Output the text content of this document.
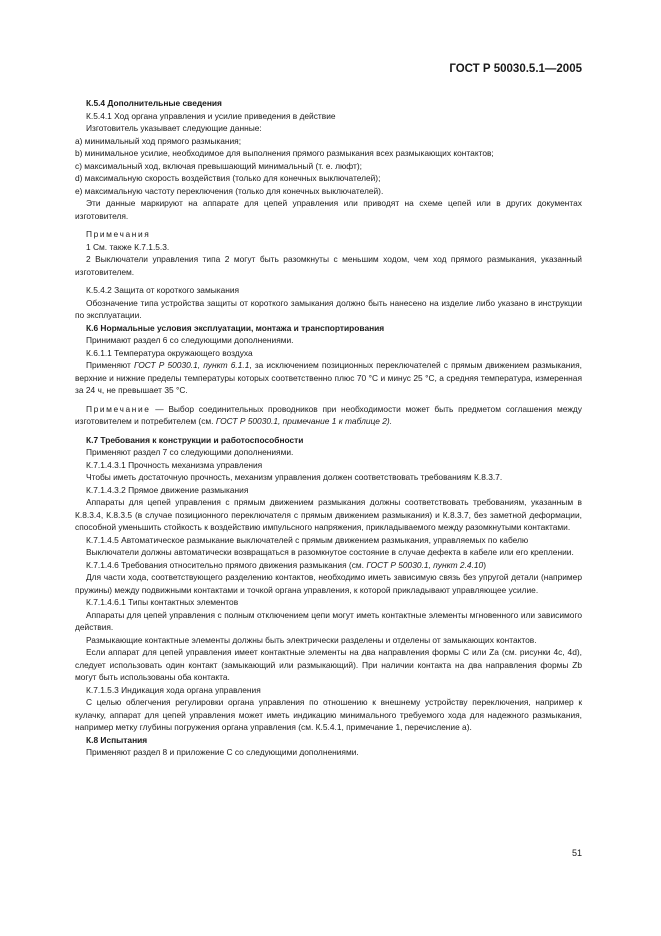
ГОСТ Р 50030.5.1—2005

К.5.4 Дополнительные сведения

К.5.4.1 Ход органа управления и усилие приведения в действие

Изготовитель указывает следующие данные:

а) минимальный ход прямого размыкания;

b) минимальное усилие, необходимое для выполнения прямого размыкания всех размыкающих контактов;

c) максимальный ход, включая превышающий минимальный (т. е. люфт);

d) максимальную скорость воздействия (только для конечных выключателей);

e) максимальную частоту переключения (только для конечных выключателей).

Эти данные маркируют на аппарате для цепей управления или приводят на схеме цепей или в других документах изготовителя.

Примечания

1 См. также К.7.1.5.3.

2 Выключатели управления типа 2 могут быть разомкнуты с меньшим ходом, чем ход прямого размыкания, указанный изготовителем.

К.5.4.2 Защита от короткого замыкания

Обозначение типа устройства защиты от короткого замыкания должно быть нанесено на изделие либо указано в инструкции по эксплуатации.

К.6 Нормальные условия эксплуатации, монтажа и транспортирования

Принимают раздел 6 со следующими дополнениями.

К.6.1.1 Температура окружающего воздуха

Применяют ГОСТ Р 50030.1, пункт 6.1.1, за исключением позиционных переключателей с прямым движением размыкания, верхние и нижние пределы температуры которых соответственно плюс 70 °С и минус 25 °С, а средняя температура, измеренная за 24 ч, не превышает 35 °С.

Примечание — Выбор соединительных проводников при необходимости может быть предметом соглашения между изготовителем и потребителем (см. ГОСТ Р 50030.1, примечание 1 к таблице 2).

К.7 Требования к конструкции и работоспособности

Применяют раздел 7 со следующими дополнениями.

К.7.1.4.3.1 Прочность механизма управления

Чтобы иметь достаточную прочность, механизм управления должен соответствовать требованиям К.8.3.7.

К.7.1.4.3.2 Прямое движение размыкания

Аппараты для цепей управления с прямым движением размыкания должны соответствовать требованиям, указанным в К.8.3.4, К.8.3.5 (в случае позиционного переключателя с прямым движением размыкания) и К.8.3.7, без заметной деформации, способной уменьшить стойкость к воздействию импульсного напряжения, прикладываемого между разомкнутыми контактами.

К.7.1.4.5 Автоматическое размыкание выключателей с прямым движением размыкания, управляемых по кабелю

Выключатели должны автоматически возвращаться в разомкнутое состояние в случае дефекта в кабеле или его креплении.

К.7.1.4.6 Требования относительно прямого движения размыкания (см. ГОСТ Р 50030.1, пункт 2.4.10)

Для части хода, соответствующего разделению контактов, необходимо иметь зависимую связь без упругой детали (например пружины) между подвижными контактами и точкой органа управления, к которой прикладывают управляющее усилие.

К.7.1.4.6.1 Типы контактных элементов

Аппараты для цепей управления с полным отключением цепи могут иметь контактные элементы мгновенного или зависимого действия.

Размыкающие контактные элементы должны быть электрически разделены и отделены от замыкающих контактов.

Если аппарат для цепей управления имеет контактные элементы на два направления формы С или Zа (см. рисунки 4с, 4d), следует использовать один контакт (замыкающий или размыкающий). При наличии контакта на два направления формы Zb могут быть использованы оба контакта.

К.7.1.5.3 Индикация хода органа управления

С целью облегчения регулировки органа управления по отношению к внешнему устройству переключения, например к кулачку, аппарат для цепей управления может иметь индикацию минимального требуемого хода для надежного размыкания, например метку глубины погружения органа управления (см. К.5.4.1, примечание 1, перечисление а).

К.8 Испытания

Применяют раздел 8 и приложение С со следующими дополнениями.

51
